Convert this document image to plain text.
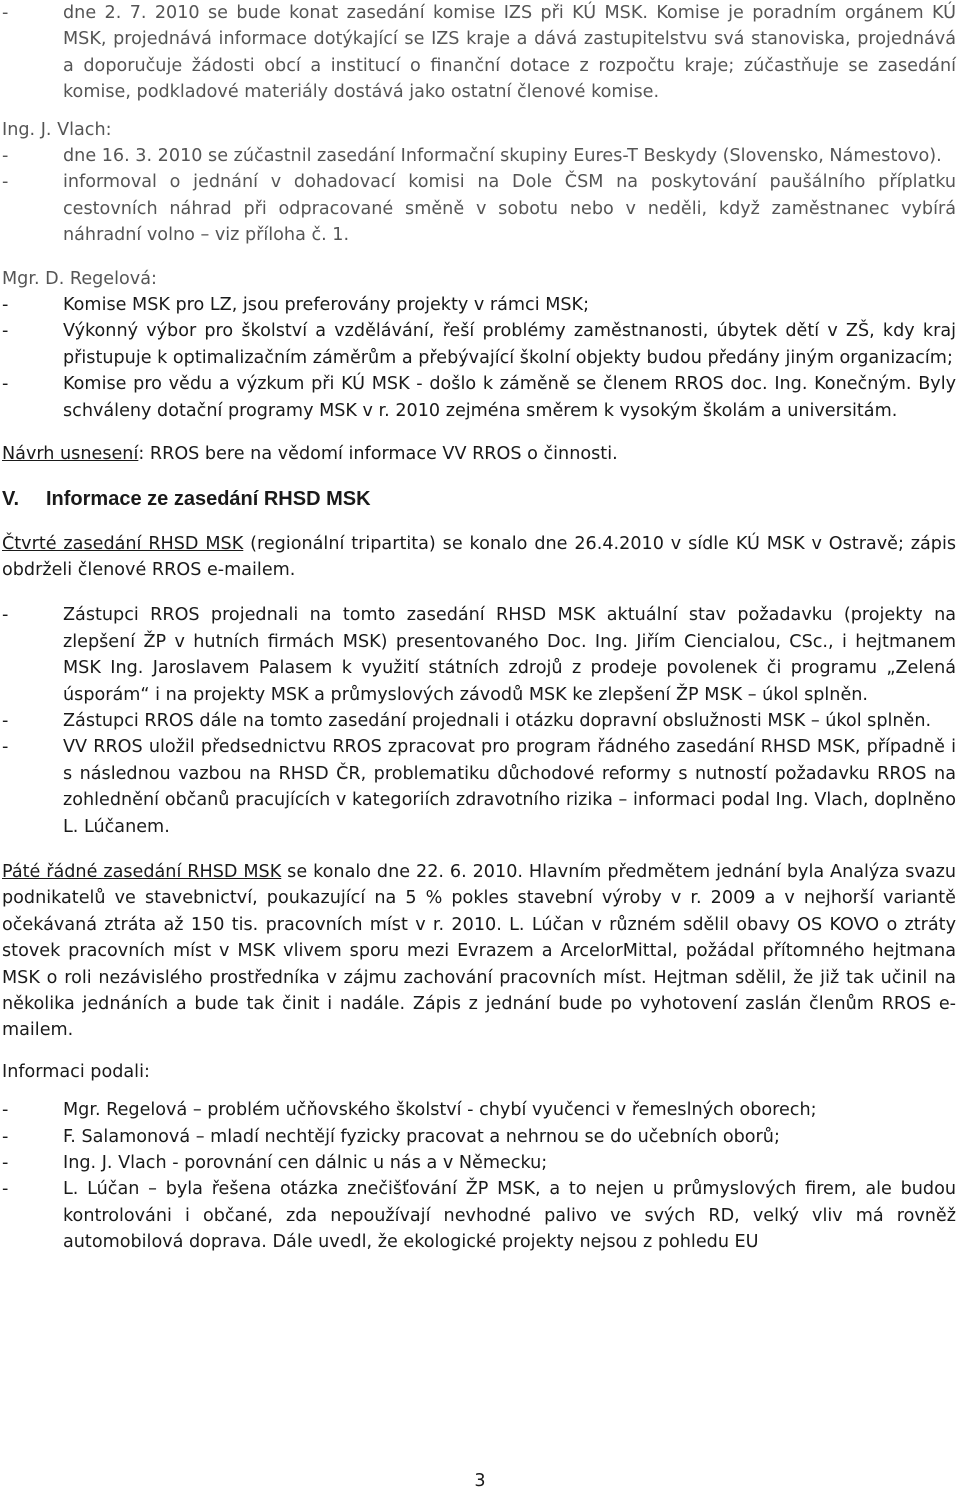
- dne 2. 7. 2010 se bude konat zasedání komise IZS při KÚ MSK. Komise je poradním orgánem KÚ MSK, projednává informace dotýkající se IZS kraje a dává zastupitelstvu svá stanoviska, projednává a doporučuje žádosti obcí a institucí o finanční dotace z rozpočtu kraje; zúčastňuje se zasedání komise, podkladové materiály dostává jako ostatní členové komise.

Ing. J. Vlach:

- dne 16. 3. 2010 se zúčastnil zasedání Informační skupiny Eures-T Beskydy (Slovensko, Námestovo).
- informoval o jednání v dohadovací komisi na Dole ČSM na poskytování paušálního příplatku cestovních náhrad při odpracované směně v sobotu nebo v neděli, když zaměstnanec vybírá náhradní volno – viz příloha č. 1.

Mgr. D. Regelová:

- Komise MSK pro LZ, jsou preferovány projekty v rámci MSK;
- Výkonný výbor pro školství a vzdělávání, řeší problémy zaměstnanosti, úbytek dětí v ZŠ, kdy kraj přistupuje k optimalizačním záměrům a přebývající školní objekty budou předány jiným organizacím;
- Komise pro vědu a výzkum při KÚ MSK - došlo k záměně se členem RROS doc. Ing. Konečným. Byly schváleny dotační programy MSK v r. 2010 zejména směrem k vysokým školám a universitám.

Návrh usnesení: RROS bere na vědomí informace VV RROS o činnosti.

V. Informace ze zasedání RHSD MSK

Čtvrté zasedání RHSD MSK (regionální tripartita) se konalo dne 26.4.2010 v sídle KÚ MSK v Ostravě; zápis obdrželi členové RROS e-mailem.

- Zástupci RROS projednali na tomto zasedání RHSD MSK aktuální stav požadavku (projekty na zlepšení ŽP v hutních firmách MSK) presentovaného Doc. Ing. Jiřím Ciencialou, CSc., i hejtmanem MSK Ing. Jaroslavem Palasem k využití státních zdrojů z prodeje povolenek či programu „Zelená úsporám“ i na projekty MSK a průmyslových závodů MSK ke zlepšení ŽP MSK – úkol splněn.
- Zástupci RROS dále na tomto zasedání projednali i otázku dopravní obslužnosti MSK – úkol splněn.
- VV RROS uložil předsednictvu RROS zpracovat pro program řádného zasedání RHSD MSK, případně i s následnou vazbou na RHSD ČR, problematiku důchodové reformy s nutností požadavku RROS na zohlednění občanů pracujících v kategoriích zdravotního rizika – informaci podal Ing. Vlach, doplněno L. Lúčanem.

Páté řádné zasedání RHSD MSK se konalo dne 22. 6. 2010. Hlavním předmětem jednání byla Analýza svazu podnikatelů ve stavebnictví, poukazující na 5 % pokles stavební výroby v r. 2009 a v nejhorší variantě očekávaná ztráta až 150 tis. pracovních míst v r. 2010. L. Lúčan v různém sdělil obavy OS KOVO o ztráty stovek pracovních míst v MSK vlivem sporu mezi Evrazem a ArcelorMittal, požádal přítomného hejtmana MSK o roli nezávislého prostředníka v zájmu zachování pracovních míst. Hejtman sdělil, že již tak učinil na několika jednáních a bude tak činit i nadále. Zápis z jednání bude po vyhotovení zaslán členům RROS e-mailem.

Informaci podali:

- Mgr. Regelová – problém učňovského školství - chybí vyučenci v řemeslných oborech;
- F. Salamonová – mladí nechtějí fyzicky pracovat a nehrnou se do učebních oborů;
- Ing. J. Vlach - porovnání cen dálnic u nás a v Německu;
- L. Lúčan – byla řešena otázka znečišťování ŽP MSK, a to nejen u průmyslových firem, ale budou kontrolováni i občané, zda nepoužívají nevhodné palivo ve svých RD, velký vliv má rovněž automobilová doprava. Dále uvedl, že ekologické projekty nejsou z pohledu EU
3
